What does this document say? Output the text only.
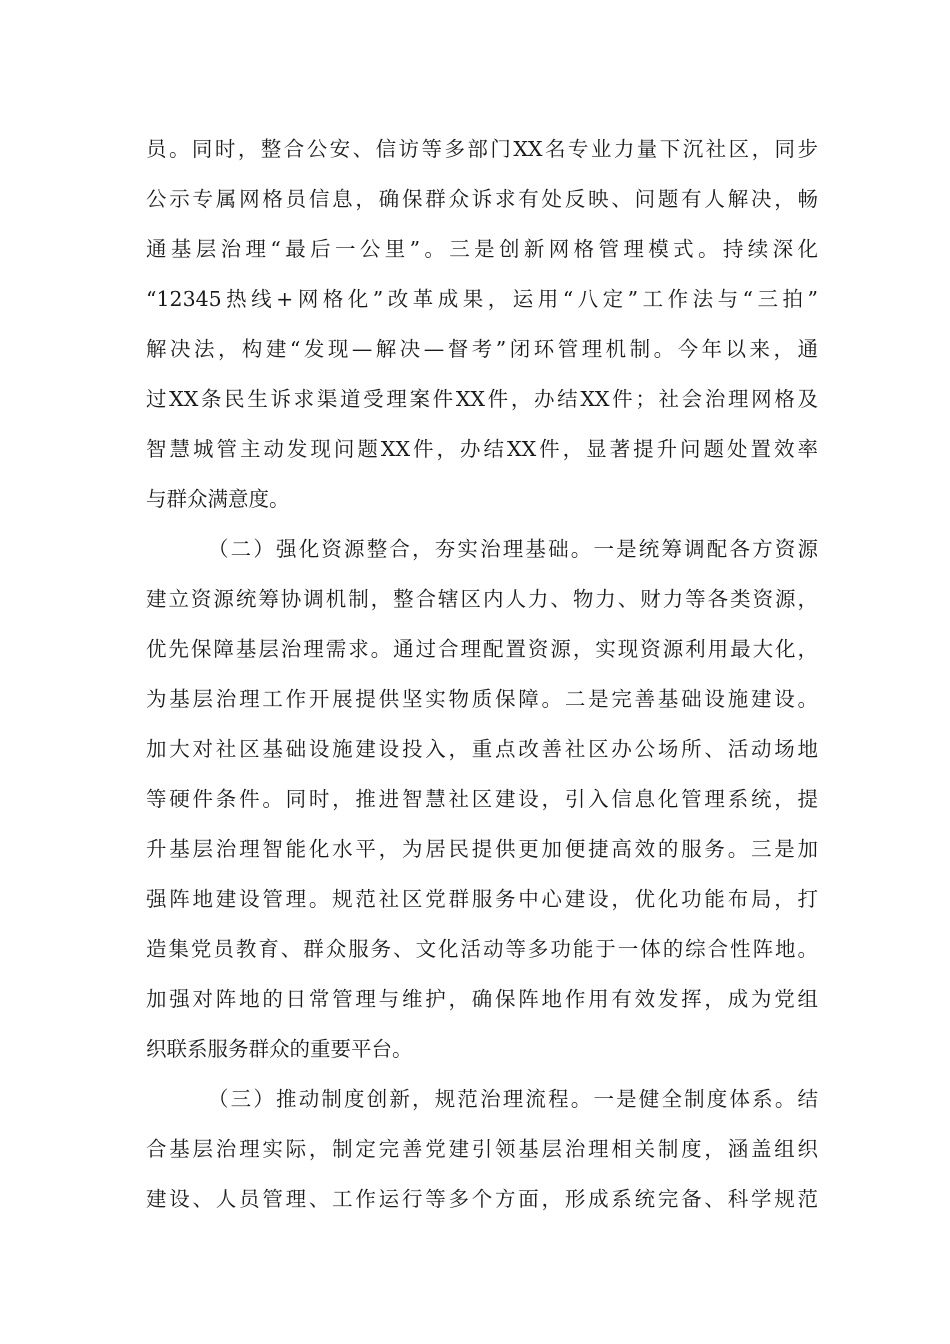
员。同时，整合公安、信访等多部门XX名专业力量下沉社区，同步
公示专属网格员信息，确保群众诉求有处反映、问题有人解决，畅
通基层治理“最后一公里”。三是创新网格管理模式。持续深化
“12345热线+网格化”改革成果，运用“八定”工作法与“三拍”
解决法，构建“发现—解决—督考”闭环管理机制。今年以来，通
过XX条民生诉求渠道受理案件XX件，办结XX件；社会治理网格及
智慧城管主动发现问题XX件，办结XX件，显著提升问题处置效率
与群众满意度。
（二）强化资源整合，夯实治理基础。一是统筹调配各方资源
建立资源统筹协调机制，整合辖区内人力、物力、财力等各类资源，
优先保障基层治理需求。通过合理配置资源，实现资源利用最大化，
为基层治理工作开展提供坚实物质保障。二是完善基础设施建设。
加大对社区基础设施建设投入，重点改善社区办公场所、活动场地
等硬件条件。同时，推进智慧社区建设，引入信息化管理系统，提
升基层治理智能化水平，为居民提供更加便捷高效的服务。三是加
强阵地建设管理。规范社区党群服务中心建设，优化功能布局，打
造集党员教育、群众服务、文化活动等多功能于一体的综合性阵地。
加强对阵地的日常管理与维护，确保阵地作用有效发挥，成为党组
织联系服务群众的重要平台。
（三）推动制度创新，规范治理流程。一是健全制度体系。结
合基层治理实际，制定完善党建引领基层治理相关制度，涵盖组织
建设、人员管理、工作运行等多个方面，形成系统完备、科学规范
